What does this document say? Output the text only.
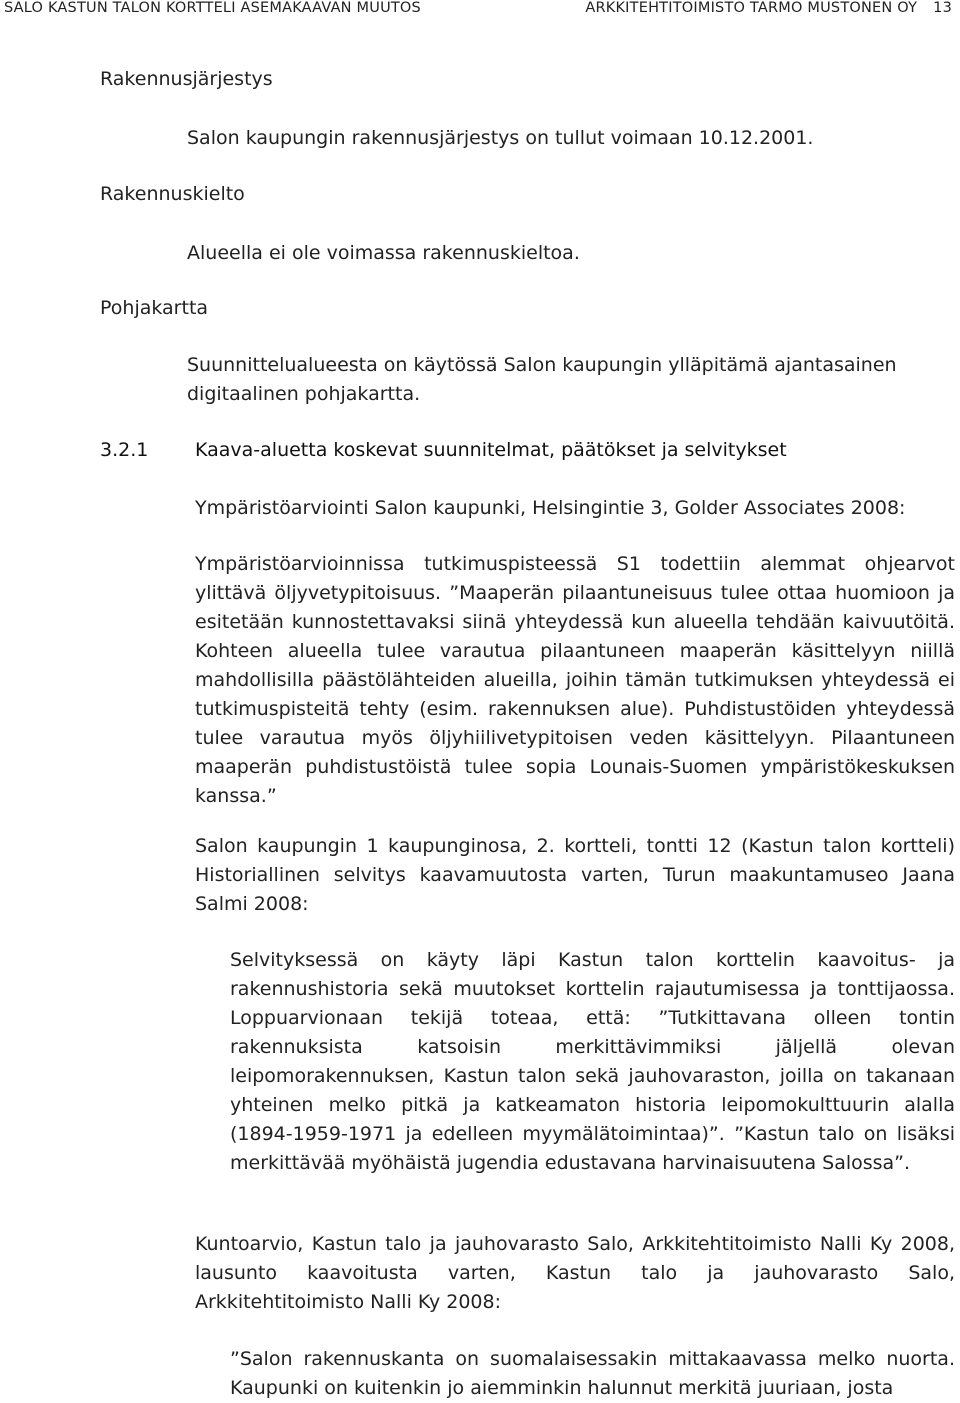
SALO KASTUN TALON KORTTELI ASEMAKAAVAN MUUTOS	ARKKITEHTITOIMISTO TARMO MUSTONEN OY 13
Rakennusjärjestys
Salon kaupungin rakennusjärjestys on tullut voimaan 10.12.2001.
Rakennuskielto
Alueella ei ole voimassa rakennuskieltoa.
Pohjakartta
Suunnittelualueesta on käytössä Salon kaupungin ylläpitämä ajantasainen digitaalinen pohjakartta.
3.2.1 Kaava-aluetta koskevat suunnitelmat, päätökset ja selvitykset
Ympäristöarviointi Salon kaupunki, Helsingintie 3, Golder Associates 2008:
Ympäristöarvioinnissa tutkimuspisteessä S1 todettiin alemmat ohjearvot ylittävä öljyvetypitoisuus. ”Maaperän pilaantuneisuus tulee ottaa huomioon ja esitetään kunnostettavaksi siinä yhteydessä kun alueella tehdään kaivuutöitä. Kohteen alueella tulee varautua pilaantuneen maaperän käsittelyyn niillä mahdollisilla päästölähteiden alueilla, joihin tämän tutkimuksen yhteydessä ei tutkimuspisteitä tehty (esim. rakennuksen alue). Puhdistustöiden yhteydessä tulee varautua myös öljyhiilivetypitoisen veden käsittelyyn. Pilaantuneen maaperän puhdistustöistä tulee sopia Lounais-Suomen ympäristökeskuksen kanssa.”
Salon kaupungin 1 kaupunginosa, 2. kortteli, tontti 12 (Kastun talon kortteli) Historiallinen selvitys kaavamuutosta varten, Turun maakuntamuseo Jaana Salmi 2008:
Selvityksessä on käyty läpi Kastun talon korttelin kaavoitus- ja rakennushistoria sekä muutokset korttelin rajautumisessa ja tonttijaossa. Loppuarvionaan tekijä toteaa, että: ”Tutkittavana olleen tontin rakennuksista katsoisin merkittävimmiksi jäljellä olevan leipomorakennuksen, Kastun talon sekä jauhovaraston, joilla on takanaan yhteinen melko pitkä ja katkeamaton historia leipomokulttuurin alalla (1894-1959-1971 ja edelleen myymälätoimintaa)”. ”Kastun talo on lisäksi merkittävää myöhäistä jugendia edustavana harvinaisuutena Salossa”.
Kuntoarvio, Kastun talo ja jauhovarasto Salo, Arkkitehtitoimisto Nalli Ky 2008, lausunto kaavoitusta varten, Kastun talo ja jauhovarasto Salo, Arkkitehtitoimisto Nalli Ky 2008:
”Salon rakennuskanta on suomalaisessakin mittakaavassa melko nuorta. Kaupunki on kuitenkin jo aiemminkin halunnut merkitä juuriaan, josta
